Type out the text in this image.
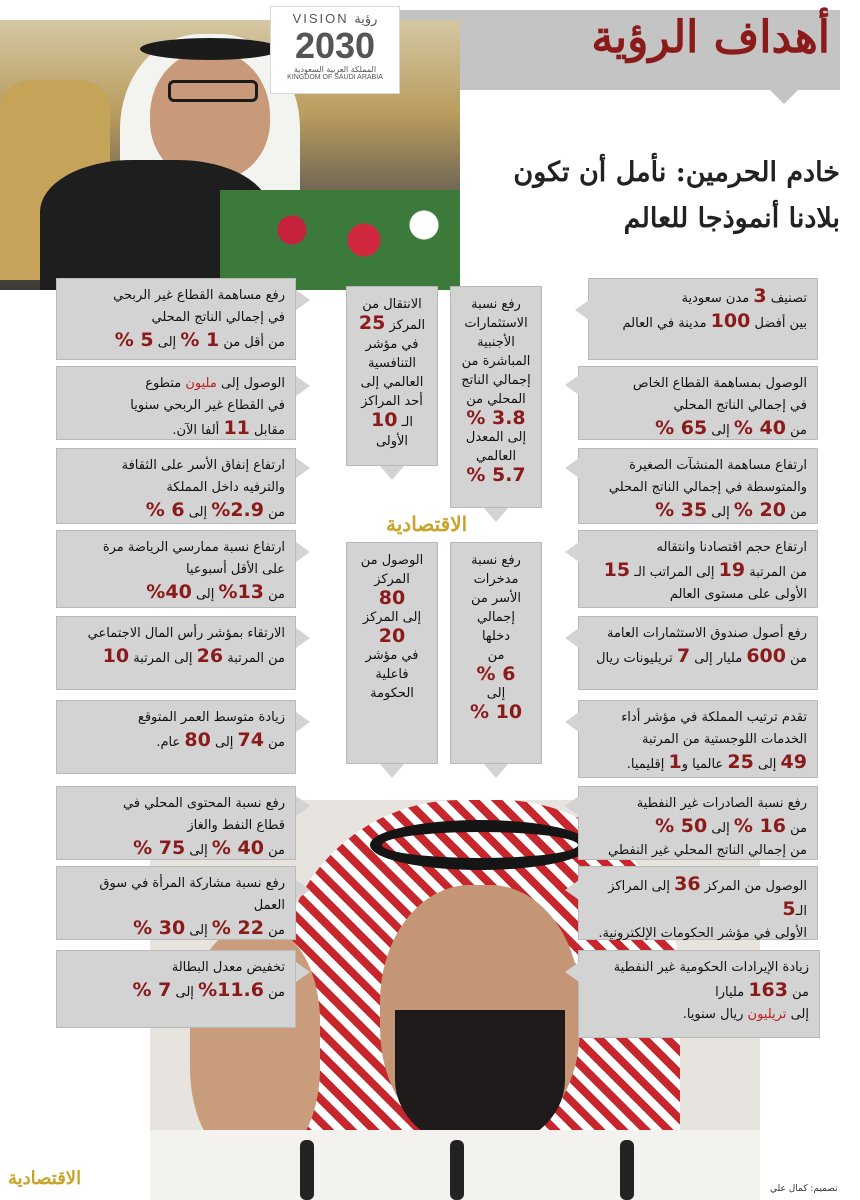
أهداف الرؤية
VISION رؤية
2030
المملكة العربية السعودية
KINGDOM OF SAUDI ARABIA
خادم الحرمين: نأمل أن تكون
بلادنا أنموذجا للعالم
تصنيف 3 مدن سعودية
بين أفضل 100 مدينة في العالم
الوصول بمساهمة القطاع الخاص
في إجمالي الناتج المحلي
من 40 % إلى 65 %
ارتفاع مساهمة المنشآت الصغيرة
والمتوسطة في إجمالي الناتج المحلي
من 20 % إلى 35 %
ارتفاع حجم اقتصادنا وانتقاله
من المرتبة 19 إلى المراتب الـ 15
الأولى على مستوى العالم
رفع أصول صندوق الاستثمارات العامة
من 600 مليار إلى 7 تريليونات ريال
تقدم ترتيب المملكة في مؤشر أداء
الخدمات اللوجستية من المرتبة
49 إلى 25 عالميا و1 إقليميا.
رفع نسبة الصادرات غير النفطية
من 16 % إلى 50 %
من إجمالي الناتج المحلي غير النفطي
الوصول من المركز 36 إلى المراكز الـ5
الأولى في مؤشر الحكومات الإلكترونية.
زيادة الإيرادات الحكومية غير النفطية
من 163 مليارا
إلى تريليون ريال سنويا.
رفع مساهمة القطاع غير الربحي
في إجمالي الناتج المحلي
من أقل من 1 % إلى 5 %
الوصول إلى مليون متطوع
في القطاع غير الربحي سنويا
مقابل 11 ألفا الآن.
ارتفاع إنفاق الأسر على الثقافة
والترفيه داخل المملكة
من 2.9% إلى 6 %
ارتفاع نسبة ممارسي الرياضة مرة
على الأقل أسبوعيا
من 13% إلى 40%
الارتقاء بمؤشر رأس المال الاجتماعي
من المرتبة 26 إلى المرتبة 10
زيادة متوسط العمر المتوقع
من 74 إلى 80 عام.
رفع نسبة المحتوى المحلي في
قطاع النفط والغاز
من 40 % إلى 75 %
رفع نسبة مشاركة المرأة في سوق العمل
من 22 % إلى 30 %
تخفيض معدل البطالة
من 11.6% إلى 7 %
الانتقال من
المركز 25
في مؤشر
التنافسية
العالمي إلى
أحد المراكز
الـ 10
الأولى
رفع نسبة
الاستثمارات
الأجنبية
المباشرة من
إجمالي الناتج
المحلي من
3.8 %
إلى المعدل
العالمي
5.7 %
الاقتصادية
الوصول من
المركز
80
إلى المركز
20
في مؤشر
فاعلية
الحكومة
رفع نسبة
مدخرات
الأسر من
إجمالي
دخلها
من
6 %
إلى
10 %
الاقتصادية	تصميم: كمال علي
